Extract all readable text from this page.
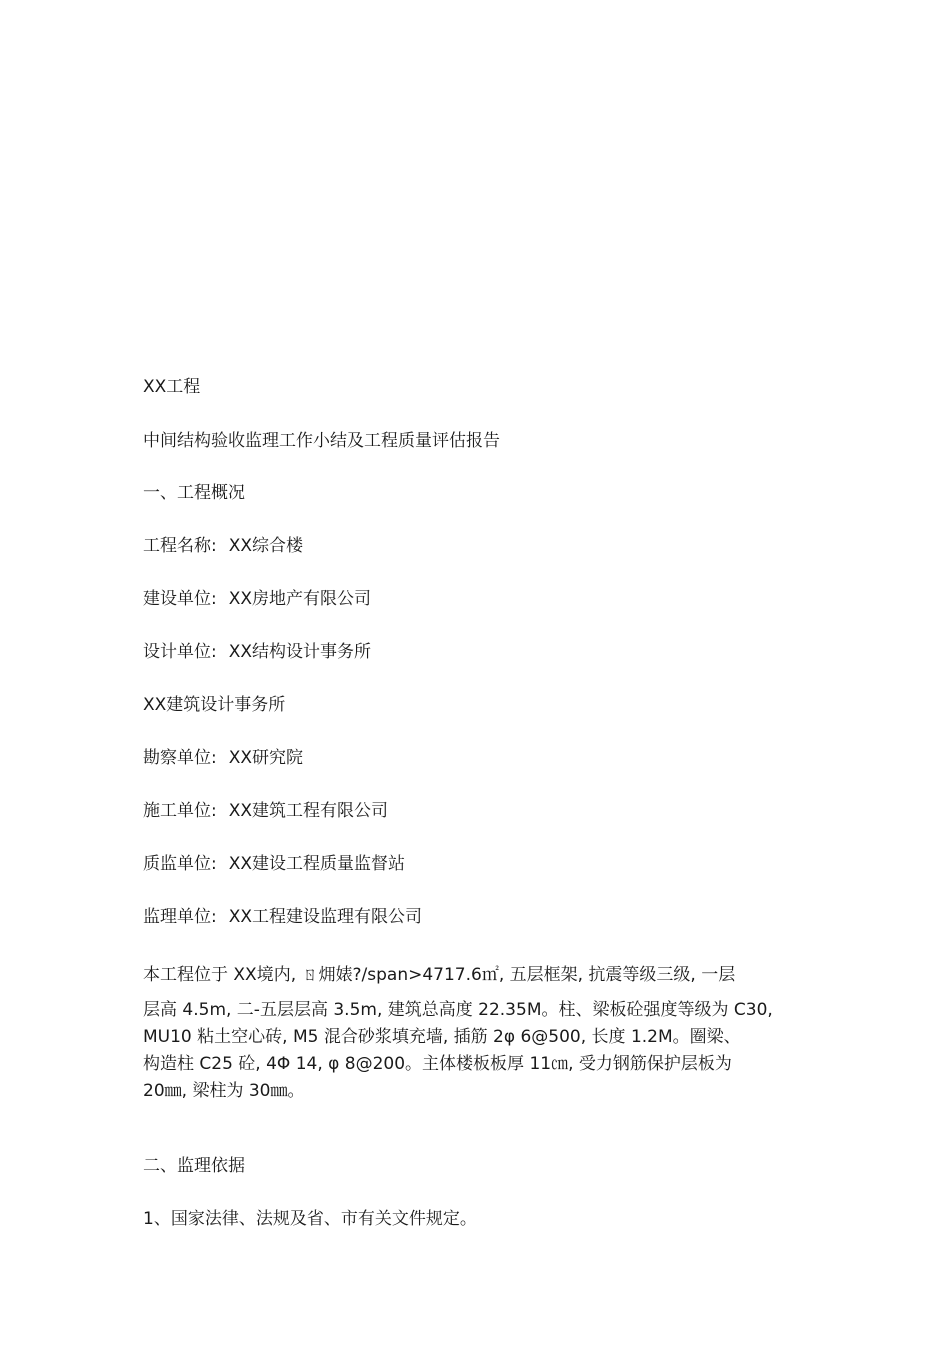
XX工程
中间结构验收监理工作小结及工程质量评估报告
一、工程概况
工程名称: XX综合楼
建设单位: XX房地产有限公司
设计单位: XX结构设计事务所
XX建筑设计事务所
勘察单位: XX研究院
施工单位: XX建筑工程有限公司
质监单位: XX建设工程质量监督站
监理单位: XX工程建设监理有限公司
本工程位于 XX境内, ㄖ㶲婊?/span>4717.6㎡, 五层框架, 抗震等级三级, 一层
层高 4.5m, 二-五层层高 3.5m, 建筑总高度 22.35M。柱、梁板砼强度等级为 C30,
MU10 粘土空心砖, M5 混合砂浆填充墙, 插筋 2φ 6@500, 长度 1.2M。圈梁、
构造柱 C25 砼, 4Φ 14, φ 8@200。主体楼板板厚 11㎝, 受力钢筋保护层板为
20㎜, 梁柱为 30㎜。
二、监理依据
1、国家法律、法规及省、市有关文件规定。
